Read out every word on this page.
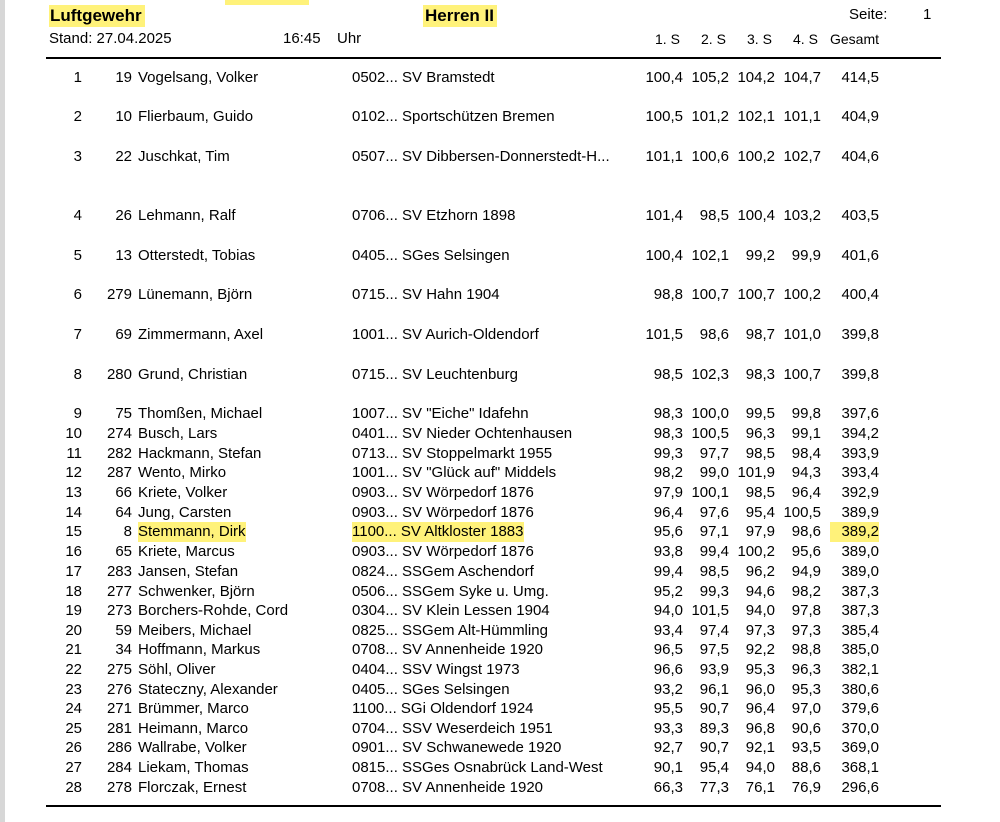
Luftgewehr	Herren II	Seite: 1
Stand: 27.04.2025	16:45 Uhr	1. S 2. S 3. S 4. S Gesamt
1	19 Vogelsang, Volker	0502... SV Bramstedt	100,4 105,2 104,2 104,7	414,5
2	10 Flierbaum, Guido	0102... Sportschützen Bremen	100,5 101,2 102,1 101,1	404,9
3	22 Juschkat, Tim	0507... SV Dibbersen-Donnerstedt-H...	101,1 100,6 100,2 102,7	404,6
4	26 Lehmann, Ralf	0706... SV Etzhorn 1898	101,4	98,5 100,4 103,2	403,5
5	13 Otterstedt, Tobias	0405... SGes Selsingen	100,4 102,1	99,2	99,9	401,6
6	279 Lünemann, Björn	0715... SV Hahn 1904	98,8 100,7 100,7 100,2	400,4
7	69 Zimmermann, Axel	1001... SV Aurich-Oldendorf	101,5	98,6	98,7 101,0	399,8
8	280 Grund, Christian	0715... SV Leuchtenburg	98,5 102,3	98,3 100,7	399,8
9	75 Thomßen, Michael	1007... SV "Eiche" Idafehn	98,3 100,0	99,5	99,8	397,6
10	274 Busch, Lars	0401... SV Nieder Ochtenhausen	98,3 100,5	96,3	99,1	394,2
11	282 Hackmann, Stefan	0713... SV Stoppelmarkt 1955	99,3	97,7	98,5	98,4	393,9
12	287 Wento, Mirko	1001... SV "Glück auf" Middels	98,2	99,0 101,9	94,3	393,4
13	66 Kriete, Volker	0903... SV Wörpedorf 1876	97,9 100,1	98,5	96,4	392,9
14	64 Jung, Carsten	0903... SV Wörpedorf 1876	96,4	97,6	95,4 100,5	389,9
15	8 Stemmann, Dirk	1100... SV Altkloster 1883	95,6	97,1	97,9	98,6	389,2
16	65 Kriete, Marcus	0903... SV Wörpedorf 1876	93,8	99,4 100,2	95,6	389,0
17	283 Jansen, Stefan	0824... SSGem Aschendorf	99,4	98,5	96,2	94,9	389,0
18	277 Schwenker, Björn	0506... SSGem Syke u. Umg.	95,2	99,3	94,6	98,2	387,3
19	273 Borchers-Rohde, Cord	0304... SV Klein Lessen 1904	94,0 101,5	94,0	97,8	387,3
20	59 Meibers, Michael	0825... SSGem Alt-Hümmling	93,4	97,4	97,3	97,3	385,4
21	34 Hoffmann, Markus	0708... SV Annenheide 1920	96,5	97,5	92,2	98,8	385,0
22	275 Söhl, Oliver	0404... SSV Wingst 1973	96,6	93,9	95,3	96,3	382,1
23	276 Stateczny, Alexander	0405... SGes Selsingen	93,2	96,1	96,0	95,3	380,6
24	271 Brümmer, Marco	1100... SGi Oldendorf 1924	95,5	90,7	96,4	97,0	379,6
25	281 Heimann, Marco	0704... SSV Weserdeich 1951	93,3	89,3	96,8	90,6	370,0
26	286 Wallrabe, Volker	0901... SV Schwanewede 1920	92,7	90,7	92,1	93,5	369,0
27	284 Liekam, Thomas	0815... SSGes Osnabrück Land-West	90,1	95,4	94,0	88,6	368,1
28	278 Florczak, Ernest	0708... SV Annenheide 1920	66,3	77,3	76,1	76,9	296,6
